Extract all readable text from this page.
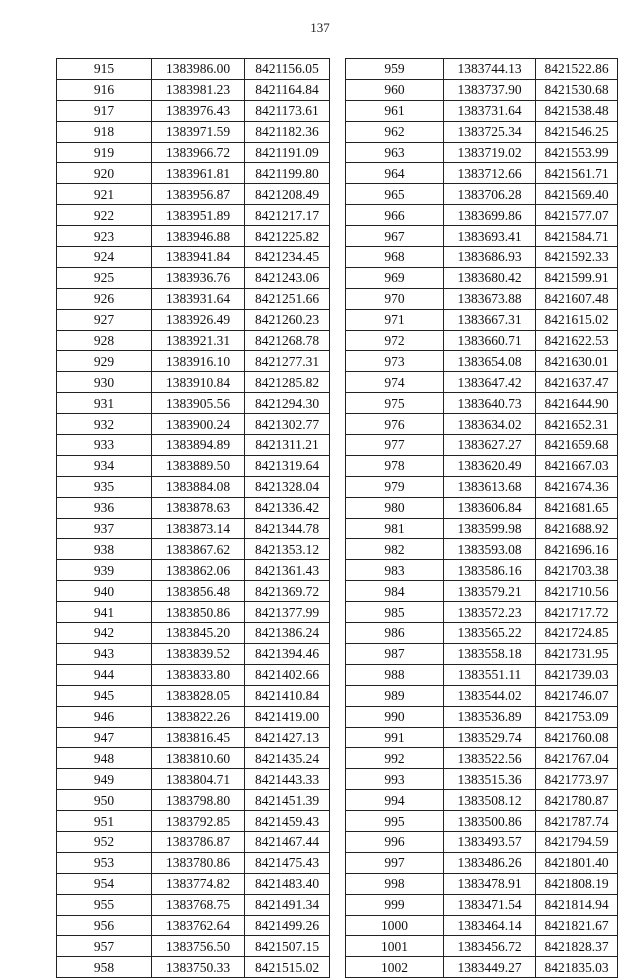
137
915	1383986.00	8421156.05
916	1383981.23	8421164.84
917	1383976.43	8421173.61
918	1383971.59	8421182.36
919	1383966.72	8421191.09
920	1383961.81	8421199.80
921	1383956.87	8421208.49
922	1383951.89	8421217.17
923	1383946.88	8421225.82
924	1383941.84	8421234.45
925	1383936.76	8421243.06
926	1383931.64	8421251.66
927	1383926.49	8421260.23
928	1383921.31	8421268.78
929	1383916.10	8421277.31
930	1383910.84	8421285.82
931	1383905.56	8421294.30
932	1383900.24	8421302.77
933	1383894.89	8421311.21
934	1383889.50	8421319.64
935	1383884.08	8421328.04
936	1383878.63	8421336.42
937	1383873.14	8421344.78
938	1383867.62	8421353.12
939	1383862.06	8421361.43
940	1383856.48	8421369.72
941	1383850.86	8421377.99
942	1383845.20	8421386.24
943	1383839.52	8421394.46
944	1383833.80	8421402.66
945	1383828.05	8421410.84
946	1383822.26	8421419.00
947	1383816.45	8421427.13
948	1383810.60	8421435.24
949	1383804.71	8421443.33
950	1383798.80	8421451.39
951	1383792.85	8421459.43
952	1383786.87	8421467.44
953	1383780.86	8421475.43
954	1383774.82	8421483.40
955	1383768.75	8421491.34
956	1383762.64	8421499.26
957	1383756.50	8421507.15
958	1383750.33	8421515.02
959	1383744.13	8421522.86
960	1383737.90	8421530.68
961	1383731.64	8421538.48
962	1383725.34	8421546.25
963	1383719.02	8421553.99
964	1383712.66	8421561.71
965	1383706.28	8421569.40
966	1383699.86	8421577.07
967	1383693.41	8421584.71
968	1383686.93	8421592.33
969	1383680.42	8421599.91
970	1383673.88	8421607.48
971	1383667.31	8421615.02
972	1383660.71	8421622.53
973	1383654.08	8421630.01
974	1383647.42	8421637.47
975	1383640.73	8421644.90
976	1383634.02	8421652.31
977	1383627.27	8421659.68
978	1383620.49	8421667.03
979	1383613.68	8421674.36
980	1383606.84	8421681.65
981	1383599.98	8421688.92
982	1383593.08	8421696.16
983	1383586.16	8421703.38
984	1383579.21	8421710.56
985	1383572.23	8421717.72
986	1383565.22	8421724.85
987	1383558.18	8421731.95
988	1383551.11	8421739.03
989	1383544.02	8421746.07
990	1383536.89	8421753.09
991	1383529.74	8421760.08
992	1383522.56	8421767.04
993	1383515.36	8421773.97
994	1383508.12	8421780.87
995	1383500.86	8421787.74
996	1383493.57	8421794.59
997	1383486.26	8421801.40
998	1383478.91	8421808.19
999	1383471.54	8421814.94
1000	1383464.14	8421821.67
1001	1383456.72	8421828.37
1002	1383449.27	8421835.03
